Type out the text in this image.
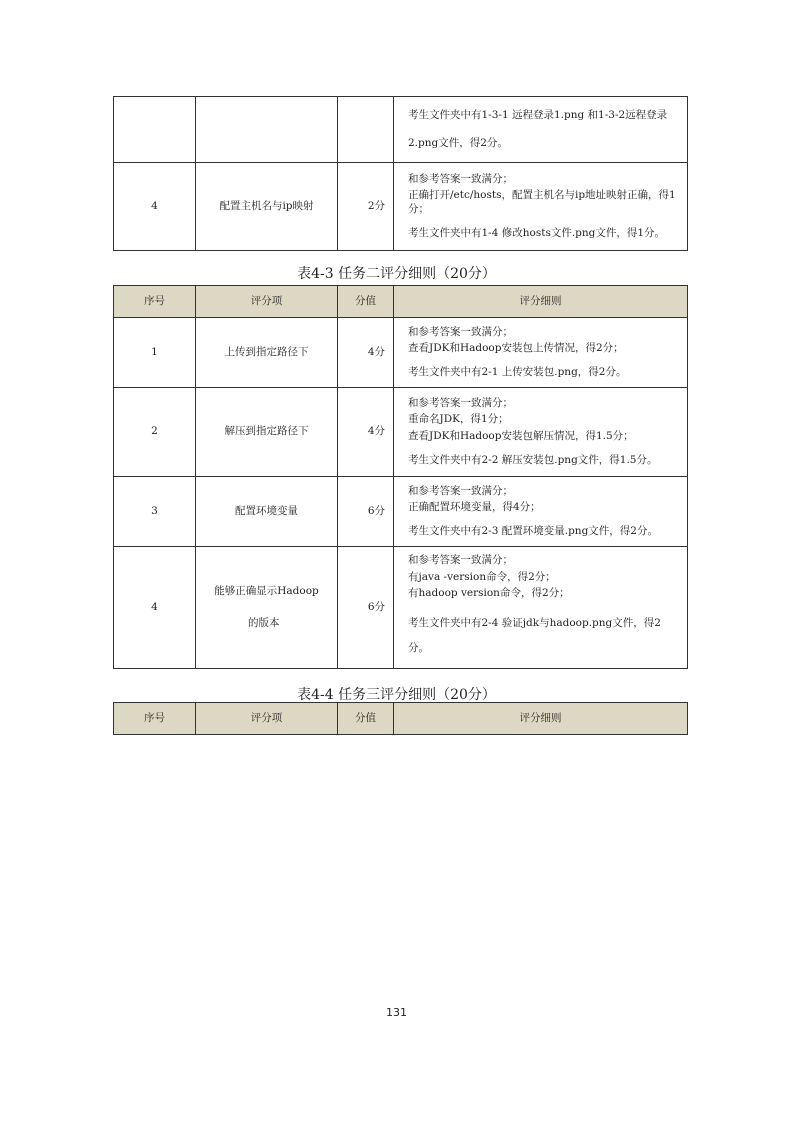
			考生文件夹中有1-3-1 远程登录1.png 和1-3-2远程登录2.png文件，得2分。
4	配置主机名与ip映射	2分	和参考答案一致满分；
正确打开/etc/hosts，配置主机名与ip地址映射正确，得1分；
考生文件夹中有1-4 修改hosts文件.png文件，得1分。
表4-3 任务二评分细则（20分）
序号	评分项	分值	评分细则
1	上传到指定路径下	4分	和参考答案一致满分；
查看JDK和Hadoop安装包上传情况，得2分；
考生文件夹中有2-1 上传安装包.png，得2分。

2	解压到指定路径下	4分	和参考答案一致满分；
重命名JDK，得1分；
查看JDK和Hadoop安装包解压情况，得1.5分；
考生文件夹中有2-2 解压安装包.png文件，得1.5分。

3	配置环境变量	6分	和参考答案一致满分；
正确配置环境变量，得4分；
考生文件夹中有2-3 配置环境变量.png文件，得2分。

4	能够正确显示Hadoop
的版本	6分	和参考答案一致满分；
有java -version命令，得2分；
有hadoop version命令，得2分；
考生文件夹中有2-4 验证jdk与hadoop.png文件，得2分。
表4-4 任务三评分细则（20分）
序号	评分项	分值	评分细则
131
